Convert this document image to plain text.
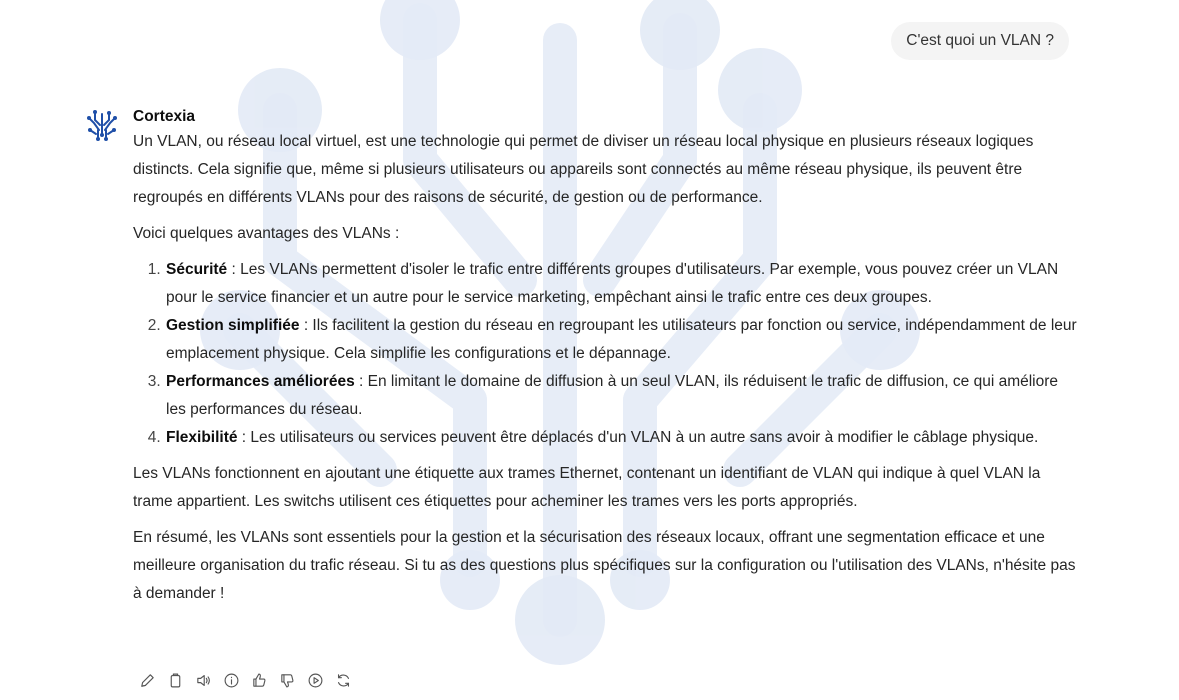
C'est quoi un VLAN ?
Cortexia

Un VLAN, ou réseau local virtuel, est une technologie qui permet de diviser un réseau local physique en plusieurs réseaux logiques distincts. Cela signifie que, même si plusieurs utilisateurs ou appareils sont connectés au même réseau physique, ils peuvent être regroupés en différents VLANs pour des raisons de sécurité, de gestion ou de performance.

Voici quelques avantages des VLANs :

1. Sécurité : Les VLANs permettent d'isoler le trafic entre différents groupes d'utilisateurs. Par exemple, vous pouvez créer un VLAN pour le service financier et un autre pour le service marketing, empêchant ainsi le trafic entre ces deux groupes.
2. Gestion simplifiée : Ils facilitent la gestion du réseau en regroupant les utilisateurs par fonction ou service, indépendamment de leur emplacement physique. Cela simplifie les configurations et le dépannage.
3. Performances améliorées : En limitant le domaine de diffusion à un seul VLAN, ils réduisent le trafic de diffusion, ce qui améliore les performances du réseau.
4. Flexibilité : Les utilisateurs ou services peuvent être déplacés d'un VLAN à un autre sans avoir à modifier le câblage physique.

Les VLANs fonctionnent en ajoutant une étiquette aux trames Ethernet, contenant un identifiant de VLAN qui indique à quel VLAN la trame appartient. Les switchs utilisent ces étiquettes pour acheminer les trames vers les ports appropriés.

En résumé, les VLANs sont essentiels pour la gestion et la sécurisation des réseaux locaux, offrant une segmentation efficace et une meilleure organisation du trafic réseau. Si tu as des questions plus spécifiques sur la configuration ou l'utilisation des VLANs, n'hésite pas à demander !
